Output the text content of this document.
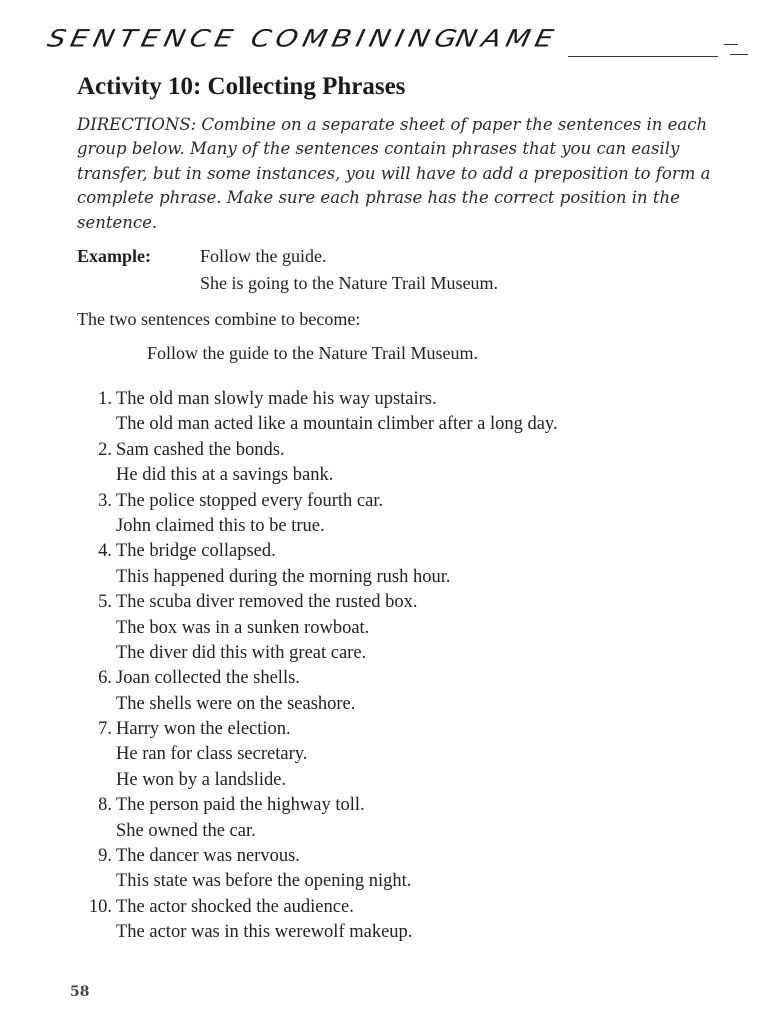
SENTENCE COMBINING
NAME
Activity 10: Collecting Phrases

DIRECTIONS: Combine on a separate sheet of paper the sentences in each group below. Many of the sentences contain phrases that you can easily transfer, but in some instances, you will have to add a preposition to form a complete phrase. Make sure each phrase has the correct position in the sentence.

Example:	Follow the guide.
She is going to the Nature Trail Museum.
The two sentences combine to become:
Follow the guide to the Nature Trail Museum.
1. The old man slowly made his way upstairs.
The old man acted like a mountain climber after a long day.
2. Sam cashed the bonds.
He did this at a savings bank.
3. The police stopped every fourth car.
John claimed this to be true.
4. The bridge collapsed.
This happened during the morning rush hour.
5. The scuba diver removed the rusted box.
The box was in a sunken rowboat.
The diver did this with great care.
6. Joan collected the shells.
The shells were on the seashore.
7. Harry won the election.
He ran for class secretary.
He won by a landslide.
8. The person paid the highway toll.
She owned the car.
9. The dancer was nervous.
This state was before the opening night.
10. The actor shocked the audience.
The actor was in this werewolf makeup.
58
